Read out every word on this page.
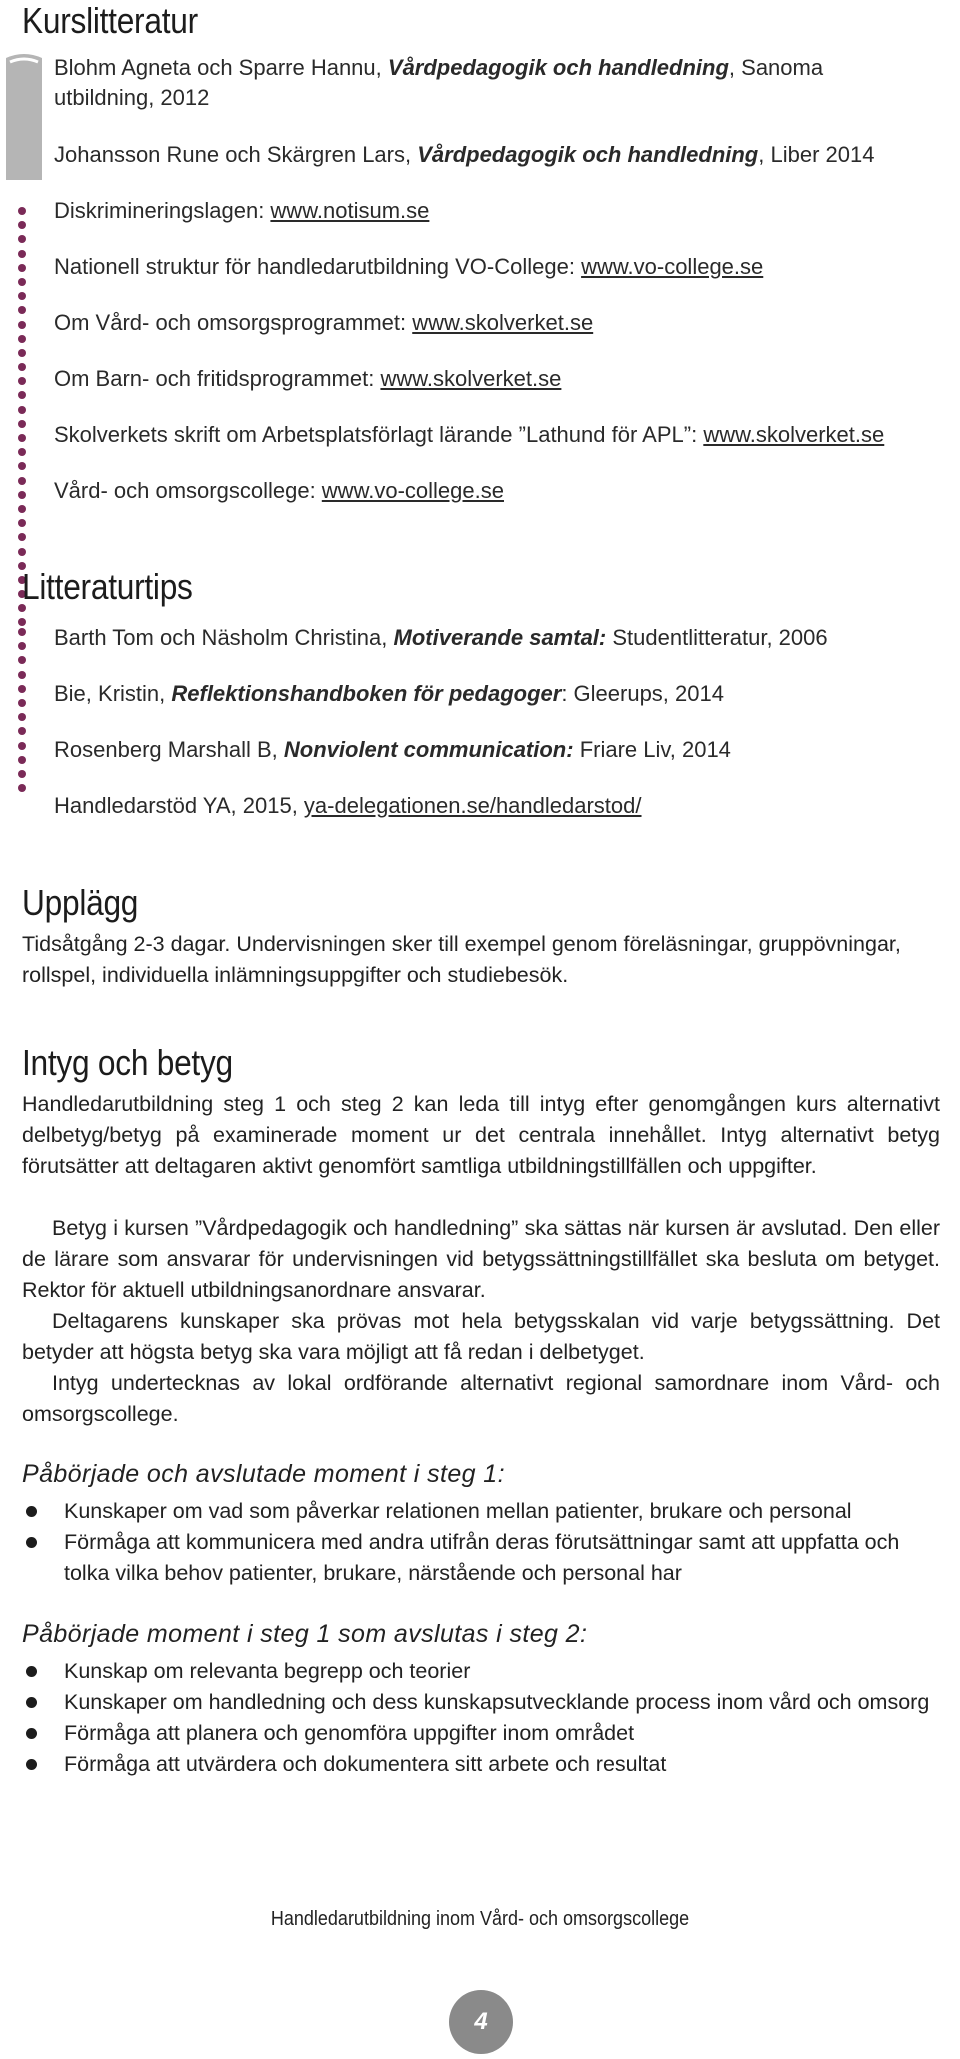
Kurslitteratur
Blohm Agneta och Sparre Hannu, Vårdpedagogik och handledning, Sanoma
utbildning, 2012
Johansson Rune och Skärgren Lars, Vårdpedagogik och handledning, Liber 2014
Diskrimineringslagen: www.notisum.se
Nationell struktur för handledarutbildning VO-College: www.vo-college.se
Om Vård- och omsorgsprogrammet: www.skolverket.se
Om Barn- och fritidsprogrammet: www.skolverket.se
Skolverkets skrift om Arbetsplatsförlagt lärande ”Lathund för APL”: www.skolverket.se
Vård- och omsorgscollege: www.vo-college.se
Litteraturtips
Barth Tom och Näsholm Christina, Motiverande samtal: Studentlitteratur, 2006
Bie, Kristin, Reflektionshandboken för pedagoger: Gleerups, 2014
Rosenberg Marshall B, Nonviolent communication: Friare Liv, 2014
Handledarstöd YA, 2015, ya-delegationen.se/handledarstod/
Upplägg

Tidsåtgång 2-3 dagar. Undervisningen sker till exempel genom föreläsningar, gruppövningar, rollspel, individuella inlämningsuppgifter och studiebesök.

Intyg och betyg

Handledarutbildning steg 1 och steg 2 kan leda till intyg efter genomgången kurs alternativt delbetyg/betyg på examinerade moment ur det centrala innehållet. Intyg alternativt betyg förutsätter att deltagaren aktivt genomfört samtliga utbildningstillfällen och uppgifter.

Betyg i kursen ”Vårdpedagogik och handledning” ska sättas när kursen är avslutad. Den eller de lärare som ansvarar för undervisningen vid betygssättningstillfället ska besluta om betyget. Rektor för aktuell utbildningsanordnare ansvarar.

Deltagarens kunskaper ska prövas mot hela betygsskalan vid varje betygssättning. Det betyder att högsta betyg ska vara möjligt att få redan i delbetyget.

Intyg undertecknas av lokal ordförande alternativt regional samordnare inom Vård- och omsorgscollege.

Påbörjade och avslutade moment i steg 1:
Kunskaper om vad som påverkar relationen mellan patienter, brukare och personal
Förmåga att kommunicera med andra utifrån deras förutsättningar samt att uppfatta och tolka vilka behov patienter, brukare, närstående och personal har
Påbörjade moment i steg 1 som avslutas i steg 2:
Kunskap om relevanta begrepp och teorier
Kunskaper om handledning och dess kunskapsutvecklande process inom vård och omsorg
Förmåga att planera och genomföra uppgifter inom området
Förmåga att utvärdera och dokumentera sitt arbete och resultat
Handledarutbildning inom Vård- och omsorgscollege
4
